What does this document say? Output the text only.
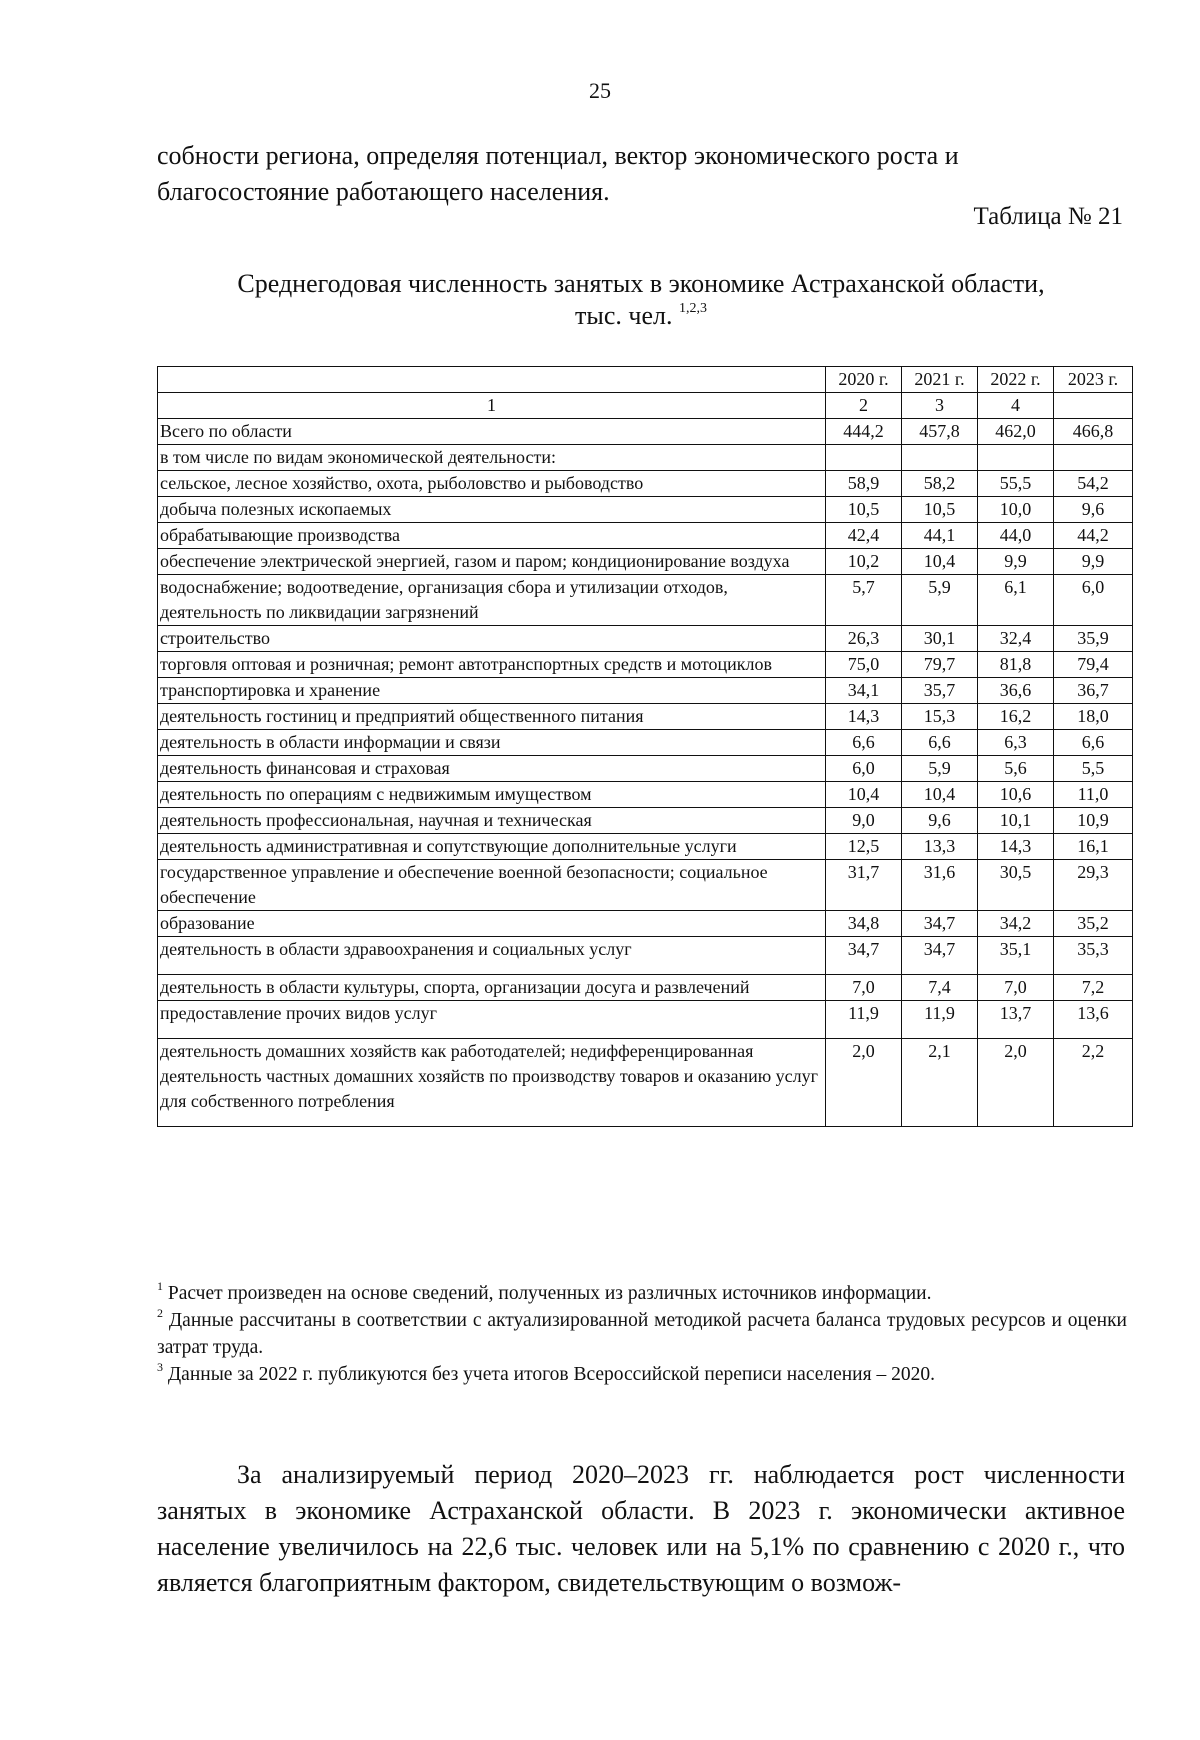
25
собности региона, определяя потенциал, вектор экономического роста и благосостояние работающего населения.
Таблица № 21
Среднегодовая численность занятых в экономике Астраханской области,
тыс. чел. $^{1,2,3}$
	2020 г.	2021 г.	2022 г.	2023 г.
1	2	3	4	
Всего по области	444,2	457,8	462,0	466,8
в том числе по видам экономической деятельности:				
сельское, лесное хозяйство, охота, рыболовство и рыбоводство	58,9	58,2	55,5	54,2
добыча полезных ископаемых	10,5	10,5	10,0	9,6
обрабатывающие производства	42,4	44,1	44,0	44,2
обеспечение электрической энергией, газом и паром; кондиционирование воздуха	10,2	10,4	9,9	9,9
водоснабжение; водоотведение, организация сбора и утилизации отходов, деятельность по ликвидации загрязнений	5,7	5,9	6,1	6,0
строительство	26,3	30,1	32,4	35,9
торговля оптовая и розничная; ремонт автотранспортных средств и мотоциклов	75,0	79,7	81,8	79,4
транспортировка и хранение	34,1	35,7	36,6	36,7
деятельность гостиниц и предприятий общественного питания	14,3	15,3	16,2	18,0
деятельность в области информации и связи	6,6	6,6	6,3	6,6
деятельность финансовая и страховая	6,0	5,9	5,6	5,5
деятельность по операциям с недвижимым имуществом	10,4	10,4	10,6	11,0
деятельность профессиональная, научная и техническая	9,0	9,6	10,1	10,9
деятельность административная и сопутствующие дополнительные услуги	12,5	13,3	14,3	16,1
государственное управление и обеспечение военной безопасности; социальное обеспечение	31,7	31,6	30,5	29,3
образование	34,8	34,7	34,2	35,2
деятельность в области здравоохранения и социальных услуг	34,7	34,7	35,1	35,3
деятельность в области культуры, спорта, организации досуга и развлечений	7,0	7,4	7,0	7,2
предоставление прочих видов услуг	11,9	11,9	13,7	13,6
деятельность домашних хозяйств как работодателей; недифференцированная деятельность частных домашних хозяйств по производству товаров и оказанию услуг для собственного потребления	2,0	2,1	2,0	2,2

$^1$ Расчет произведен на основе сведений, полученных из различных источников информации.

$^2$ Данные рассчитаны в соответствии с актуализированной методикой расчета баланса трудовых ресурсов и оценки затрат труда.

$^3$ Данные за 2022 г. публикуются без учета итогов Всероссийской переписи населения – 2020.

За анализируемый период 2020–2023 гг. наблюдается рост численности занятых в экономике Астраханской области. В 2023 г. экономически активное население увеличилось на 22,6 тыс. человек или на 5,1% по сравнению с 2020 г., что является благоприятным фактором, свидетельствующим о возмож-
